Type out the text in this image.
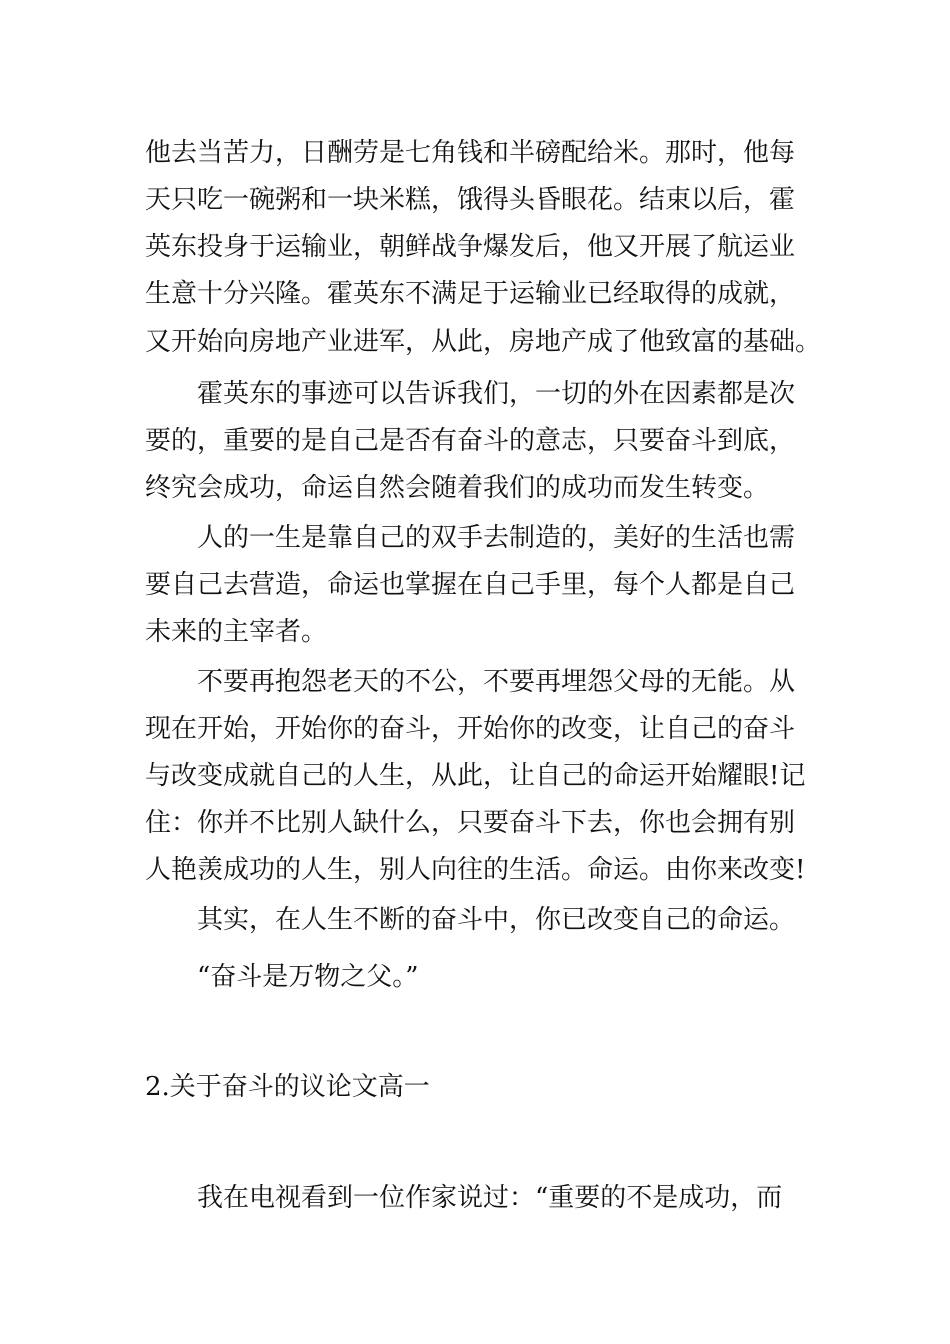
他去当苦力，日酬劳是七角钱和半磅配给米。那时，他每

天只吃一碗粥和一块米糕，饿得头昏眼花。结束以后，霍

英东投身于运输业，朝鲜战争爆发后，他又开展了航运业

生意十分兴隆。霍英东不满足于运输业已经取得的成就，

又开始向房地产业进军，从此，房地产成了他致富的基础。

霍英东的事迹可以告诉我们，一切的外在因素都是次

要的，重要的是自己是否有奋斗的意志，只要奋斗到底，

终究会成功，命运自然会随着我们的成功而发生转变。

人的一生是靠自己的双手去制造的，美好的生活也需

要自己去营造，命运也掌握在自己手里，每个人都是自己

未来的主宰者。

不要再抱怨老天的不公，不要再埋怨父母的无能。从

现在开始，开始你的奋斗，开始你的改变，让自己的奋斗

与改变成就自己的人生，从此，让自己的命运开始耀眼!记

住：你并不比别人缺什么，只要奋斗下去，你也会拥有别

人艳羡成功的人生，别人向往的生活。命运。由你来改变!

其实，在人生不断的奋斗中，你已改变自己的命运。

“奋斗是万物之父。”

2.关于奋斗的议论文高一

我在电视看到一位作家说过：“重要的不是成功，而
